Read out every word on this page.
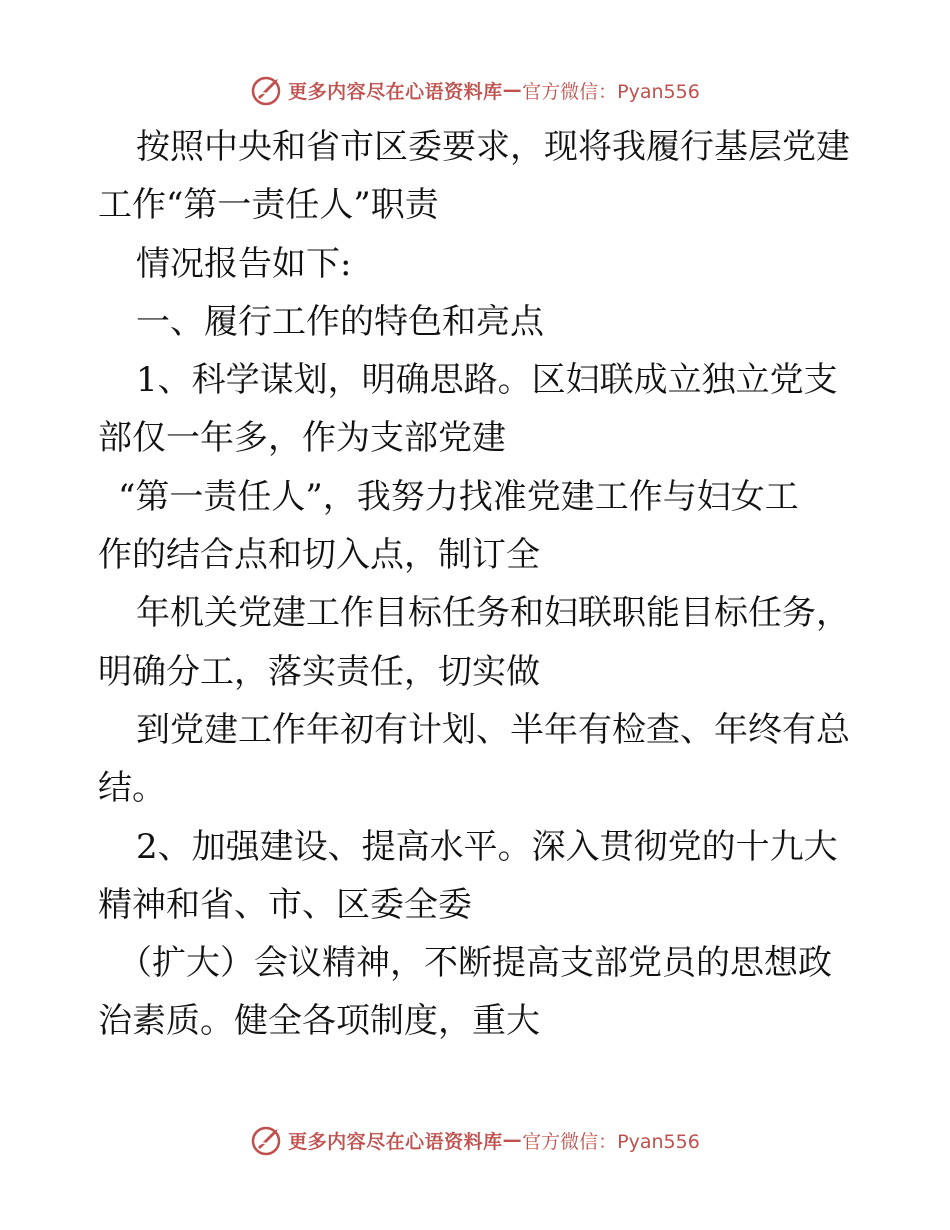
更多内容尽在心语资料库 — 官方微信：Pyan556
按照中央和省市区委要求，现将我履行基层党建
工作“第一责任人”职责
情况报告如下:
一、履行工作的特色和亮点
1、科学谋划，明确思路。区妇联成立独立党支
部仅一年多，作为支部党建
“第一责任人”，我努力找准党建工作与妇女工
作的结合点和切入点，制订全
年机关党建工作目标任务和妇联职能目标任务，
明确分工，落实责任，切实做
到党建工作年初有计划、半年有检查、年终有总
结。
2、加强建设、提高水平。深入贯彻党的十九大
精神和省、市、区委全委
（扩大）会议精神，不断提高支部党员的思想政
治素质。健全各项制度，重大
更多内容尽在心语资料库 — 官方微信：Pyan556
